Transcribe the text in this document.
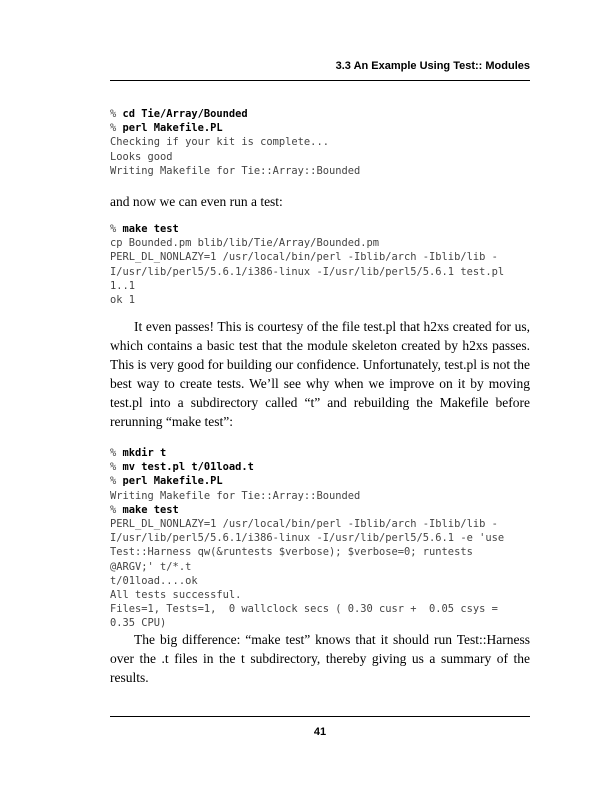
3.3 An Example Using Test:: Modules
% cd Tie/Array/Bounded
% perl Makefile.PL
Checking if your kit is complete...
Looks good
Writing Makefile for Tie::Array::Bounded

and now we can even run a test:

% make test
cp Bounded.pm blib/lib/Tie/Array/Bounded.pm
PERL_DL_NONLAZY=1 /usr/local/bin/perl -Iblib/arch -Iblib/lib -
I/usr/lib/perl5/5.6.1/i386-linux -I/usr/lib/perl5/5.6.1 test.pl
1..1
ok 1

It even passes! This is courtesy of the file test.pl that h2xs created for us, which contains a basic test that the module skeleton created by h2xs passes. This is very good for building our confidence. Unfortunately, test.pl is not the best way to create tests. We’ll see why when we improve on it by moving test.pl into a subdirectory called “t” and rebuilding the Makefile before rerunning “make test”:

% mkdir t
% mv test.pl t/01load.t
% perl Makefile.PL
Writing Makefile for Tie::Array::Bounded
% make test
PERL_DL_NONLAZY=1 /usr/local/bin/perl -Iblib/arch -Iblib/lib -
I/usr/lib/perl5/5.6.1/i386-linux -I/usr/lib/perl5/5.6.1 -e 'use
Test::Harness qw(&runtests $verbose); $verbose=0; runtests
@ARGV;' t/*.t
t/01load....ok
All tests successful.
Files=1, Tests=1,  0 wallclock secs ( 0.30 cusr +  0.05 csys =
0.35 CPU)

The big difference: “make test” knows that it should run Test::Harness over the .t files in the t subdirectory, thereby giving us a summary of the results.

41
